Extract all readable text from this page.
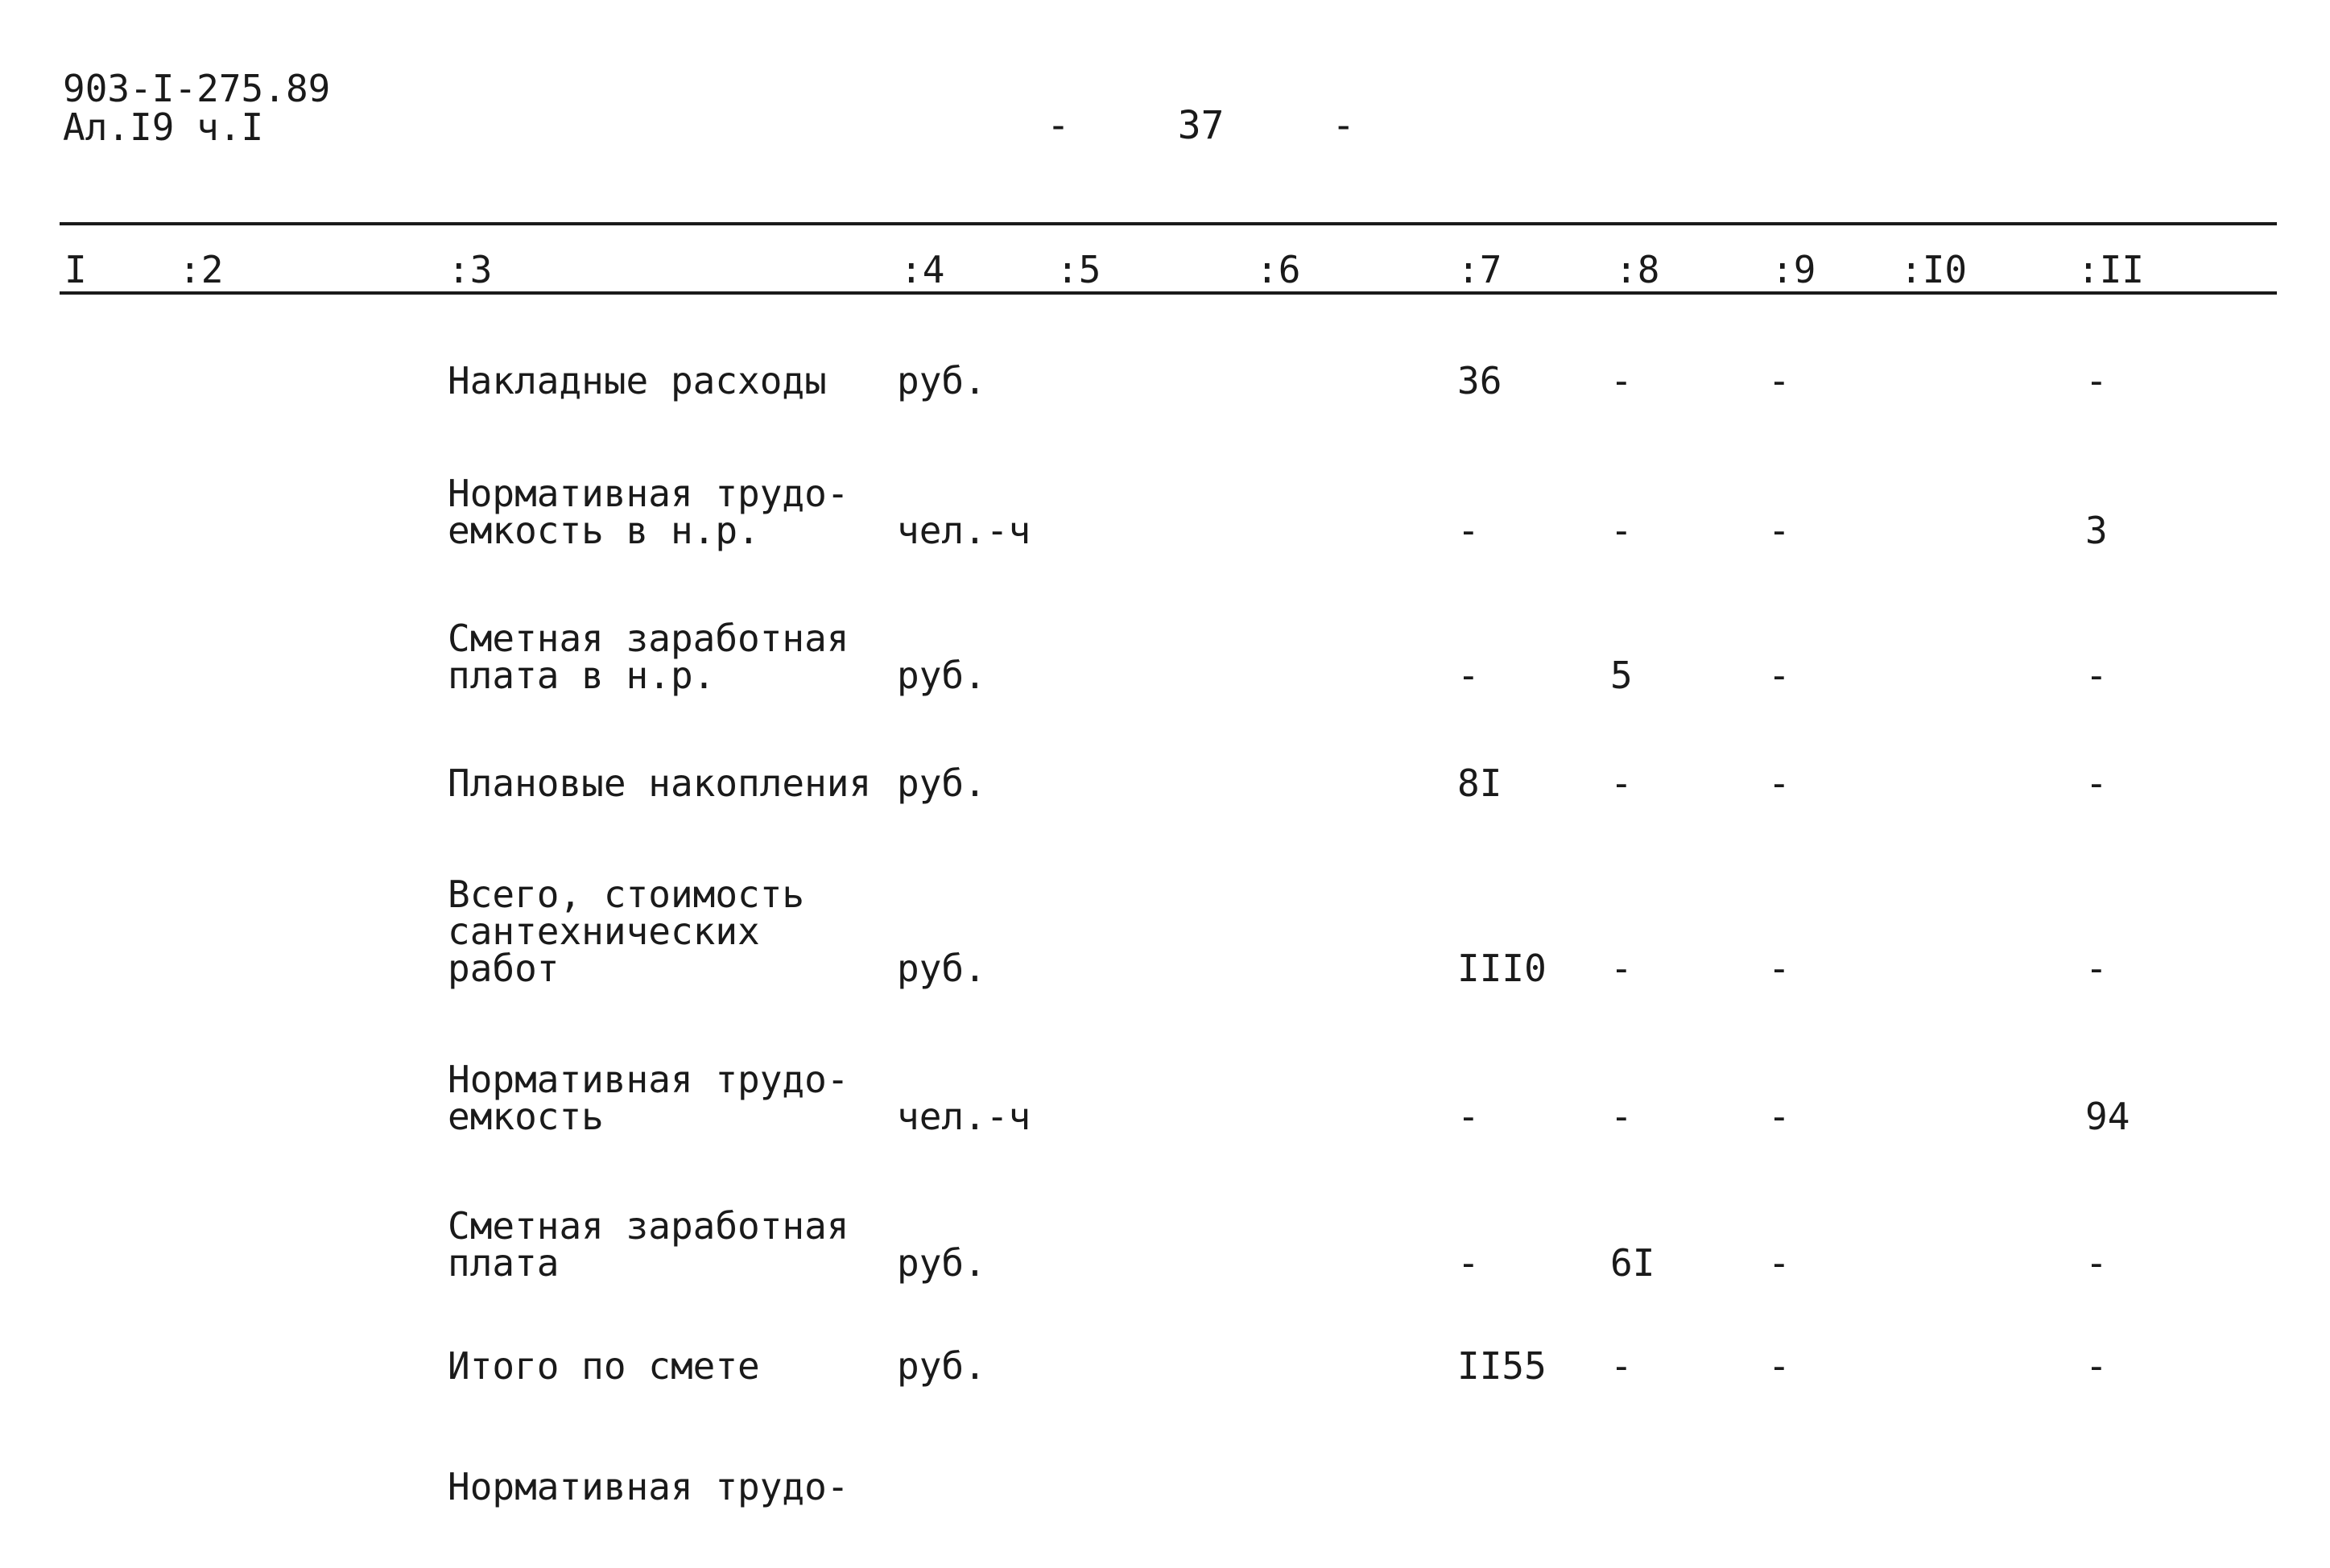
903-I-275.89
Ал.I9 ч.I	-  37  -
I :2	:3	:4	:5	:6	:7	:8	:9 :I0	:II
Накладные расходы руб.	36	-	-	-
Нормативная трудо-
емкость в н.р.	чел.-ч	-	-	-	3
Сметная заработная
плата в н.р.	руб.	-	5	-	-
Плановые накопления руб.	8I	-	-	-
Всего, стоимость
сантехнических
работ	руб.	III0 -	-	-
Нормативная трудо-
емкость	чел.-ч	-	-	-	94
Сметная заработная
плата	руб.	-	6I	-	-
Итого по смете	руб.	II55 -	-	-
Нормативная трудо-
